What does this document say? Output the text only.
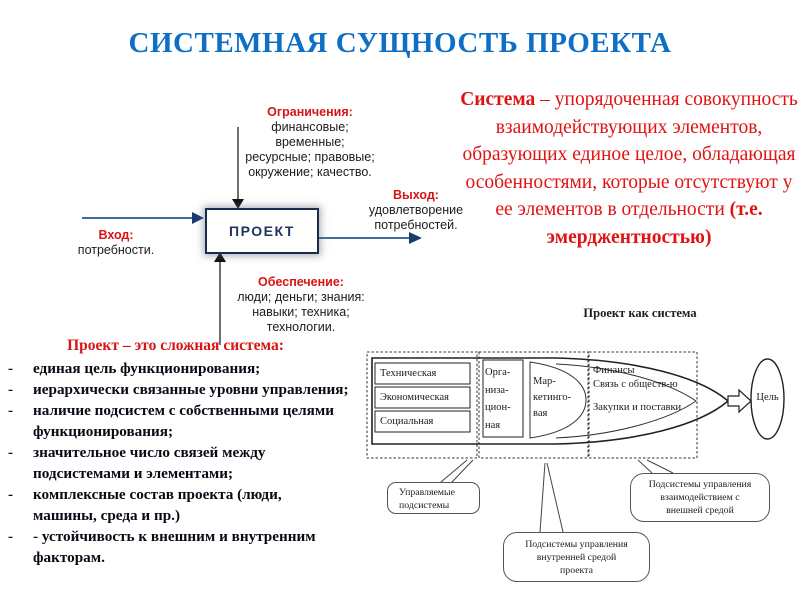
СИСТЕМНАЯ СУЩНОСТЬ ПРОЕКТА
Ограничения:
финансовые;
временные;
ресурсные; правовые;
окружение; качество.
ПРОЕКТ
Вход:
потребности.
Выход:
удовлетворение
потребностей.
Обеспечение:
люди; деньги; знания:
навыки; техника;
технологии.
Система – упорядоченная совокупность взаимодействующих элементов, образующих единое целое, обладающая особенностями, которые отсутствуют у ее элементов в отдельности (т.е. эмерджентностью)
Проект – это сложная система:
-	единая цель функционирования;
-	иерархически связанные уровни управления;
-	наличие подсистем с собственными целями функционирования;
-	значительное число связей между подсистемами и элементами;
-	комплексные состав проекта (люди, машины, среда и пр.)
-	- устойчивость к внешним и внутренним факторам.
Проект как система
Техническая
Экономическая
Социальная
Орга-
низа-
цион-
ная
Мар-
кетинго-
вая
Финансы
Связь с обществ-ю
Закупки и поставки
Цель
Управляемые
подсистемы
Подсистемы управления
внутренней средой
проекта
Подсистемы управления
взаимодействием с
внешней средой
